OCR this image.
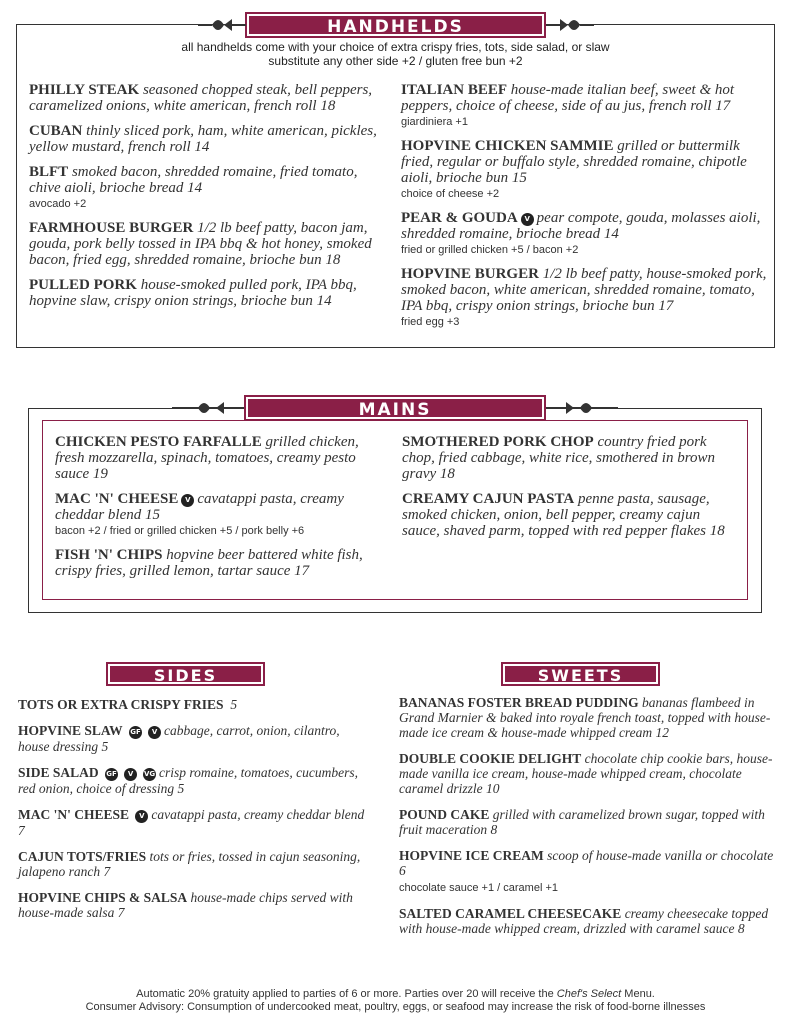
HANDHELDS
all handhelds come with your choice of extra crispy fries, tots, side salad, or slaw
substitute any other side +2 / gluten free bun +2
PHILLY STEAK seasoned chopped steak, bell peppers, caramelized onions, white american, french roll 18
CUBAN thinly sliced pork, ham, white american, pickles, yellow mustard, french roll 14
BLFT smoked bacon, shredded romaine, fried tomato, chive aioli, brioche bread 14
avocado +2
FARMHOUSE BURGER 1/2 lb beef patty, bacon jam, gouda, pork belly tossed in IPA bbq & hot honey, smoked bacon, fried egg, shredded romaine, brioche bun 18
PULLED PORK house-smoked pulled pork, IPA bbq, hopvine slaw, crispy onion strings, brioche bun 14
ITALIAN BEEF house-made italian beef, sweet & hot peppers, choice of cheese, side of au jus, french roll 17
giardiniera +1
HOPVINE CHICKEN SAMMIE grilled or buttermilk fried, regular or buffalo style, shredded romaine, chipotle aioli, brioche bun 15
choice of cheese +2
PEAR & GOUDA V pear compote, gouda, molasses aioli, shredded romaine, brioche bread 14
fried or grilled chicken +5 / bacon +2
HOPVINE BURGER 1/2 lb beef patty, house-smoked pork, smoked bacon, white american, shredded romaine, tomato, IPA bbq, crispy onion strings, brioche bun 17
fried egg +3
MAINS
CHICKEN PESTO FARFALLE grilled chicken, fresh mozzarella, spinach, tomatoes, creamy pesto sauce 19
MAC 'N' CHEESE V cavatappi pasta, creamy cheddar blend 15
bacon +2 / fried or grilled chicken +5 / pork belly +6
FISH 'N' CHIPS hopvine beer battered white fish, crispy fries, grilled lemon, tartar sauce 17
SMOTHERED PORK CHOP country fried pork chop, fried cabbage, white rice, smothered in brown gravy 18
CREAMY CAJUN PASTA penne pasta, sausage, smoked chicken, onion, bell pepper, creamy cajun sauce, shaved parm, topped with red pepper flakes 18
SIDES
TOTS OR EXTRA CRISPY FRIES 5
HOPVINE SLAW GF V cabbage, carrot, onion, cilantro, house dressing 5
SIDE SALAD GF V VG crisp romaine, tomatoes, cucumbers, red onion, choice of dressing 5
MAC 'N' CHEESE V cavatappi pasta, creamy cheddar blend 7
CAJUN TOTS/FRIES tots or fries, tossed in cajun seasoning, jalapeno ranch 7
HOPVINE CHIPS & SALSA house-made chips served with house-made salsa 7
SWEETS
BANANAS FOSTER BREAD PUDDING bananas flambeed in Grand Marnier & baked into royale french toast, topped with house-made ice cream & house-made whipped cream 12
DOUBLE COOKIE DELIGHT chocolate chip cookie bars, house-made vanilla ice cream, house-made whipped cream, chocolate caramel drizzle 10
POUND CAKE grilled with caramelized brown sugar, topped with fruit maceration 8
HOPVINE ICE CREAM scoop of house-made vanilla or chocolate 6
chocolate sauce +1 / caramel +1
SALTED CARAMEL CHEESECAKE creamy cheesecake topped with house-made whipped cream, drizzled with caramel sauce 8
Automatic 20% gratuity applied to parties of 6 or more. Parties over 20 will receive the Chef's Select Menu.
Consumer Advisory: Consumption of undercooked meat, poultry, eggs, or seafood may increase the risk of food-borne illnesses
